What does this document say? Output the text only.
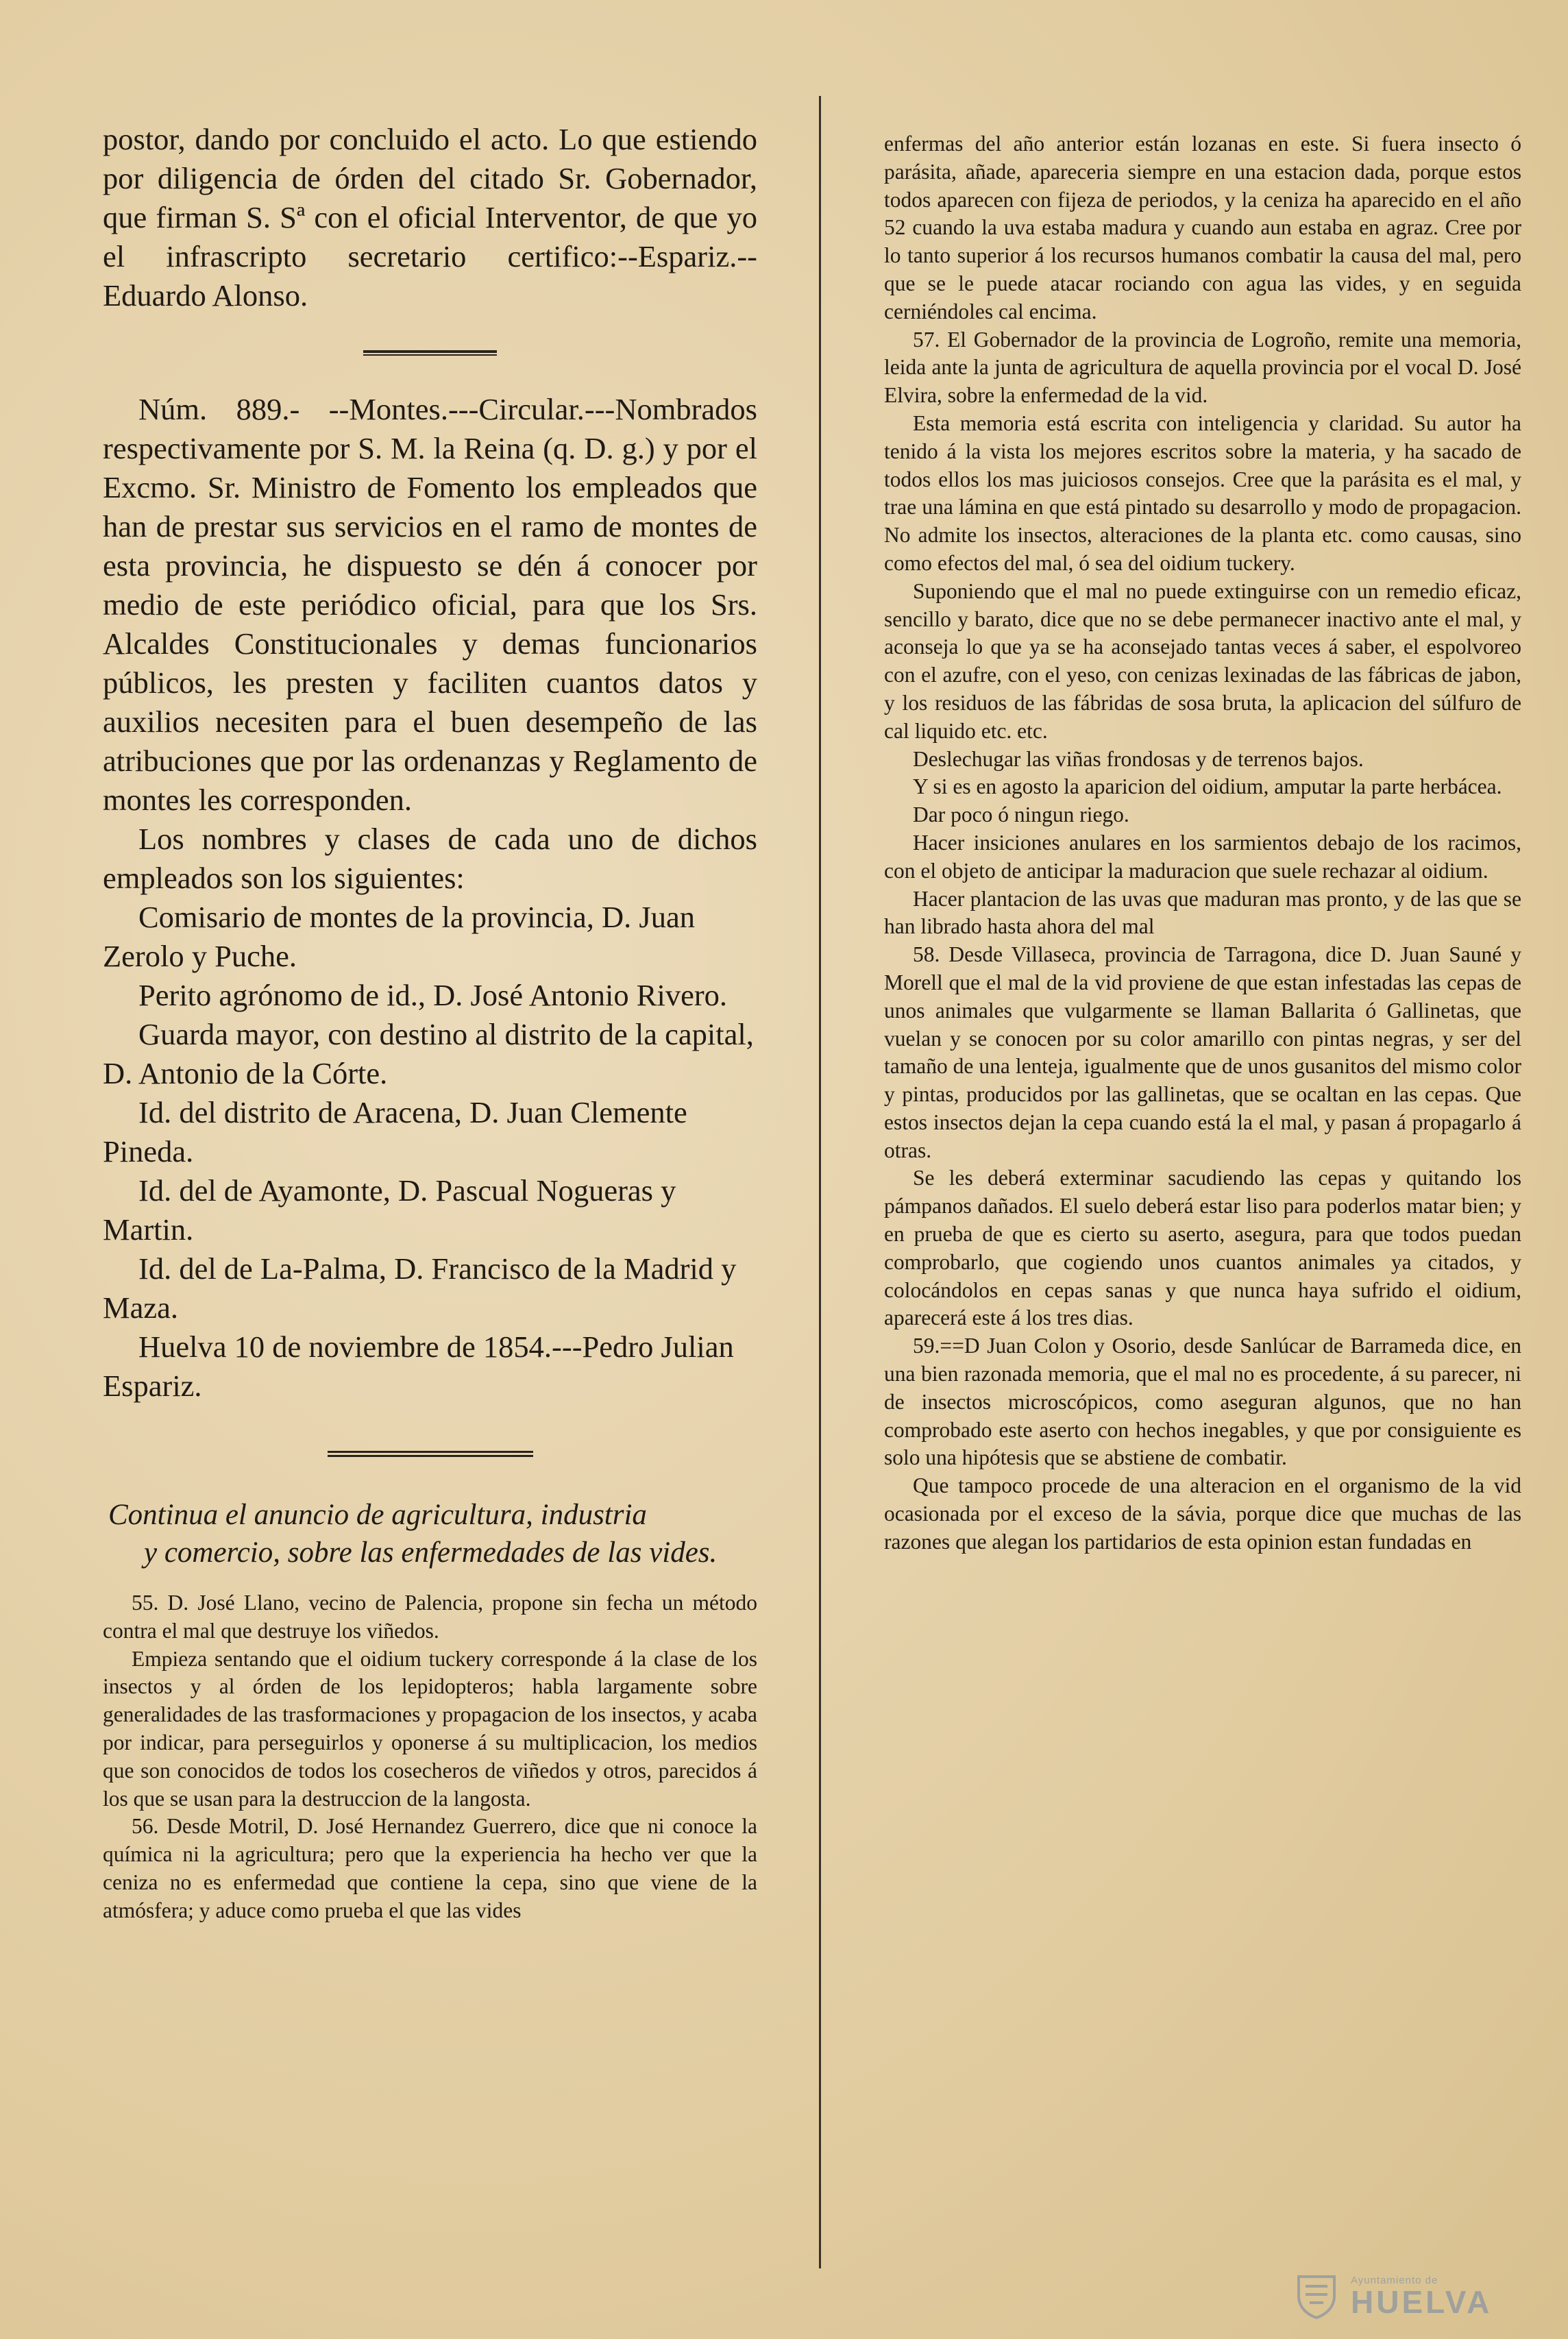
postor, dando por concluido el acto. Lo que estiendo por diligencia de órden del citado Sr. Gobernador, que firman S. Sª con el oficial Interventor, de que yo el infrascripto secretario certifico:--Espariz.--Eduardo Alonso.

Núm. 889.- --Montes.---Circular.---Nombrados respectivamente por S. M. la Reina (q. D. g.) y por el Excmo. Sr. Ministro de Fomento los empleados que han de prestar sus servicios en el ramo de montes de esta provincia, he dispuesto se dén á conocer por medio de este periódico oficial, para que los Srs. Alcaldes Constitucionales y demas funcionarios públicos, les presten y faciliten cuantos datos y auxilios necesiten para el buen desempeño de las atribuciones que por las ordenanzas y Reglamento de montes les corresponden.

Los nombres y clases de cada uno de dichos empleados son los siguientes:

Comisario de montes de la provincia, D. Juan Zerolo y Puche.

Perito agrónomo de id., D. José Antonio Rivero.

Guarda mayor, con destino al distrito de la capital, D. Antonio de la Córte.

Id. del distrito de Aracena, D. Juan Clemente Pineda.

Id. del de Ayamonte, D. Pascual Nogueras y Martin.

Id. del de La-Palma, D. Francisco de la Madrid y Maza.

Huelva 10 de noviembre de 1854.---Pedro Julian Espariz.

Continua el anuncio de agricultura, industria
y comercio, sobre las enfermedades de las vides.

55. D. José Llano, vecino de Palencia, propone sin fecha un método contra el mal que destruye los viñedos.

Empieza sentando que el oidium tuckery corresponde á la clase de los insectos y al órden de los lepidopteros; habla largamente sobre generalidades de las trasformaciones y propagacion de los insectos, y acaba por indicar, para perseguirlos y oponerse á su multiplicacion, los medios que son conocidos de todos los cosecheros de viñedos y otros, parecidos á los que se usan para la destruccion de la langosta.

56. Desde Motril, D. José Hernandez Guerrero, dice que ni conoce la química ni la agricultura; pero que la experiencia ha hecho ver que la ceniza no es enfermedad que contiene la cepa, sino que viene de la atmósfera; y aduce como prueba el que las vides

enfermas del año anterior están lozanas en este. Si fuera insecto ó parásita, añade, apareceria siempre en una estacion dada, porque estos todos aparecen con fijeza de periodos, y la ceniza ha aparecido en el año 52 cuando la uva estaba madura y cuando aun estaba en agraz. Cree por lo tanto superior á los recursos humanos combatir la causa del mal, pero que se le puede atacar rociando con agua las vides, y en seguida cerniéndoles cal encima.

57. El Gobernador de la provincia de Logroño, remite una memoria, leida ante la junta de agricultura de aquella provincia por el vocal D. José Elvira, sobre la enfermedad de la vid.

Esta memoria está escrita con inteligencia y claridad. Su autor ha tenido á la vista los mejores escritos sobre la materia, y ha sacado de todos ellos los mas juiciosos consejos. Cree que la parásita es el mal, y trae una lámina en que está pintado su desarrollo y modo de propagacion. No admite los insectos, alteraciones de la planta etc. como causas, sino como efectos del mal, ó sea del oidium tuckery.

Suponiendo que el mal no puede extinguirse con un remedio eficaz, sencillo y barato, dice que no se debe permanecer inactivo ante el mal, y aconseja lo que ya se ha aconsejado tantas veces á saber, el espolvoreo con el azufre, con el yeso, con cenizas lexinadas de las fábricas de jabon, y los residuos de las fábridas de sosa bruta, la aplicacion del súlfuro de cal liquido etc. etc.

Deslechugar las viñas frondosas y de terrenos bajos.

Y si es en agosto la aparicion del oidium, amputar la parte herbácea.

Dar poco ó ningun riego.

Hacer insiciones anulares en los sarmientos debajo de los racimos, con el objeto de anticipar la maduracion que suele rechazar al oidium.

Hacer plantacion de las uvas que maduran mas pronto, y de las que se han librado hasta ahora del mal

58. Desde Villaseca, provincia de Tarragona, dice D. Juan Sauné y Morell que el mal de la vid proviene de que estan infestadas las cepas de unos animales que vulgarmente se llaman Ballarita ó Gallinetas, que vuelan y se conocen por su color amarillo con pintas negras, y ser del tamaño de una lenteja, igualmente que de unos gusanitos del mismo color y pintas, producidos por las gallinetas, que se ocaltan en las cepas. Que estos insectos dejan la cepa cuando está la el mal, y pasan á propagarlo á otras.

Se les deberá exterminar sacudiendo las cepas y quitando los pámpanos dañados. El suelo deberá estar liso para poderlos matar bien; y en prueba de que es cierto su aserto, asegura, para que todos puedan comprobarlo, que cogiendo unos cuantos animales ya citados, y colocándolos en cepas sanas y que nunca haya sufrido el oidium, aparecerá este á los tres dias.

59.==D Juan Colon y Osorio, desde Sanlúcar de Barrameda dice, en una bien razonada memoria, que el mal no es procedente, á su parecer, ni de insectos microscópicos, como aseguran algunos, que no han comprobado este aserto con hechos inegables, y que por consiguiente es solo una hipótesis que se abstiene de combatir.

Que tampoco procede de una alteracion en el organismo de la vid ocasionada por el exceso de la sávia, porque dice que muchas de las razones que alegan los partidarios de esta opinion estan fundadas en

Ayuntamiento de
HUELVA
